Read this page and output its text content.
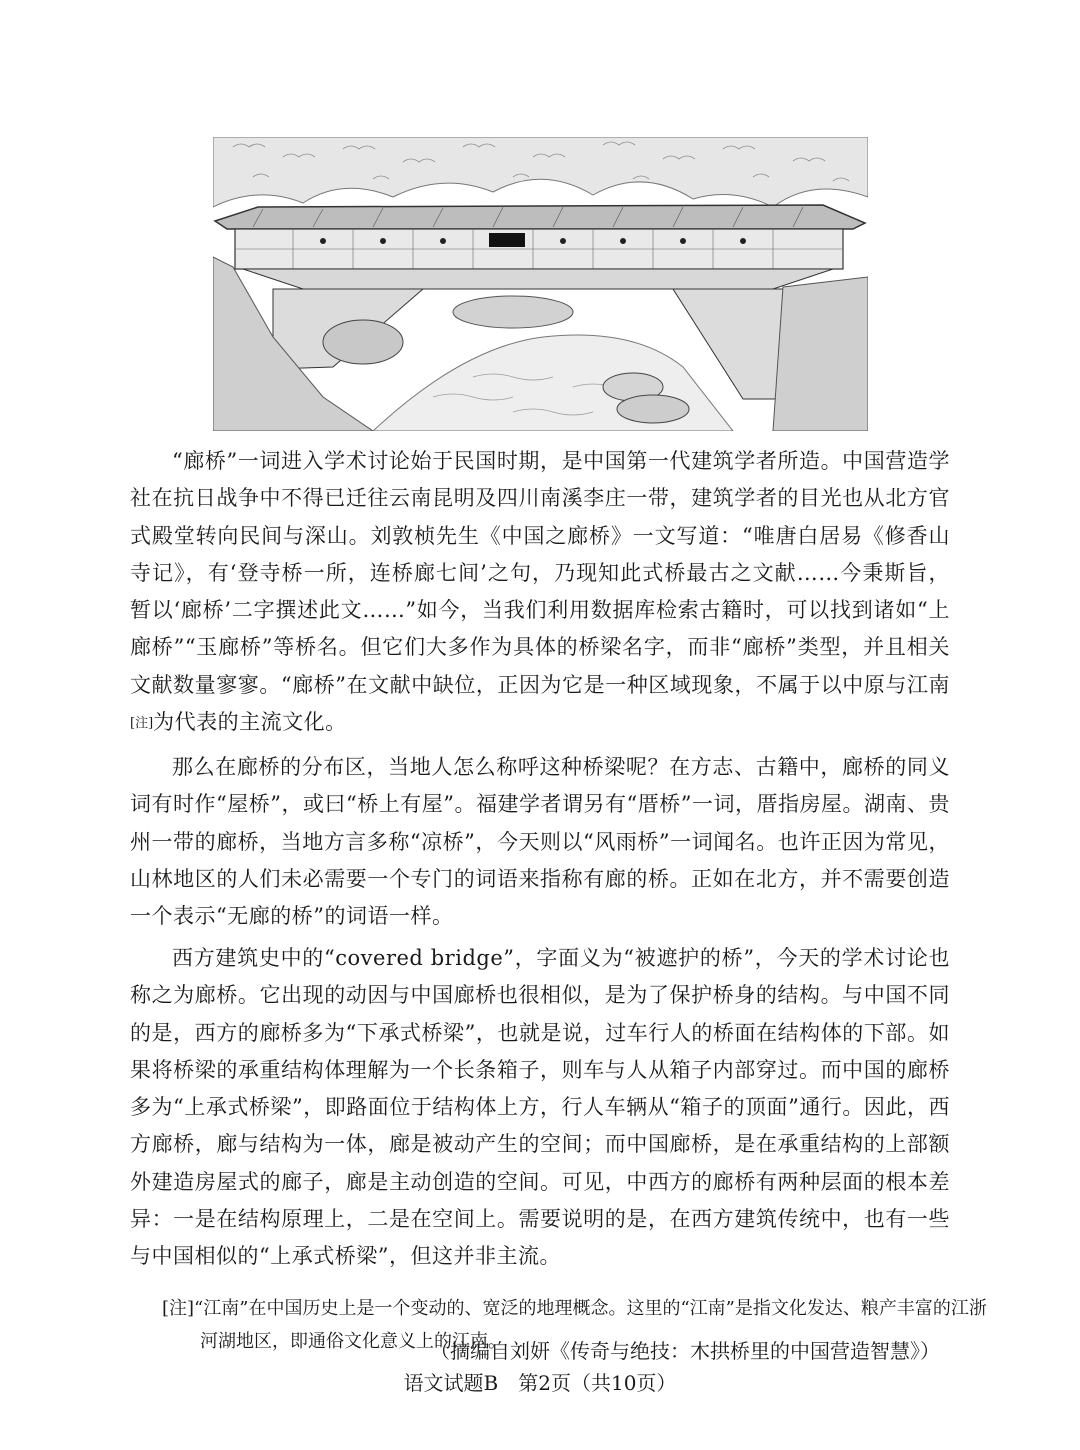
“廊桥”一词进入学术讨论始于民国时期，是中国第一代建筑学者所造。中国营造学社在抗日战争中不得已迁往云南昆明及四川南溪李庄一带，建筑学者的目光也从北方官式殿堂转向民间与深山。刘敦桢先生《中国之廊桥》一文写道：“唯唐白居易《修香山寺记》，有‘登寺桥一所，连桥廊七间’之句，乃现知此式桥最古之文献……今秉斯旨，暂以‘廊桥’二字撰述此文……”如今，当我们利用数据库检索古籍时，可以找到诸如“上廊桥”“玉廊桥”等桥名。但它们大多作为具体的桥梁名字，而非“廊桥”类型，并且相关文献数量寥寥。“廊桥”在文献中缺位，正因为它是一种区域现象，不属于以中原与江南[注]为代表的主流文化。

那么在廊桥的分布区，当地人怎么称呼这种桥梁呢？在方志、古籍中，廊桥的同义词有时作“屋桥”，或曰“桥上有屋”。福建学者谓另有“厝桥”一词，厝指房屋。湖南、贵州一带的廊桥，当地方言多称“凉桥”，今天则以“风雨桥”一词闻名。也许正因为常见，山林地区的人们未必需要一个专门的词语来指称有廊的桥。正如在北方，并不需要创造一个表示“无廊的桥”的词语一样。

西方建筑史中的“covered bridge”，字面义为“被遮护的桥”，今天的学术讨论也称之为廊桥。它出现的动因与中国廊桥也很相似，是为了保护桥身的结构。与中国不同的是，西方的廊桥多为“下承式桥梁”，也就是说，过车行人的桥面在结构体的下部。如果将桥梁的承重结构体理解为一个长条箱子，则车与人从箱子内部穿过。而中国的廊桥多为“上承式桥梁”，即路面位于结构体上方，行人车辆从“箱子的顶面”通行。因此，西方廊桥，廊与结构为一体，廊是被动产生的空间；而中国廊桥，是在承重结构的上部额外建造房屋式的廊子，廊是主动创造的空间。可见，中西方的廊桥有两种层面的根本差异：一是在结构原理上，二是在空间上。需要说明的是，在西方建筑传统中，也有一些与中国相似的“上承式桥梁”，但这并非主流。

[注]“江南”在中国历史上是一个变动的、宽泛的地理概念。这里的“江南”是指文化发达、粮产丰富的江浙河湖地区，即通俗文化意义上的江南。

（摘编自刘妍《传奇与绝技：木拱桥里的中国营造智慧》）

语文试题B　第2页（共10页）
